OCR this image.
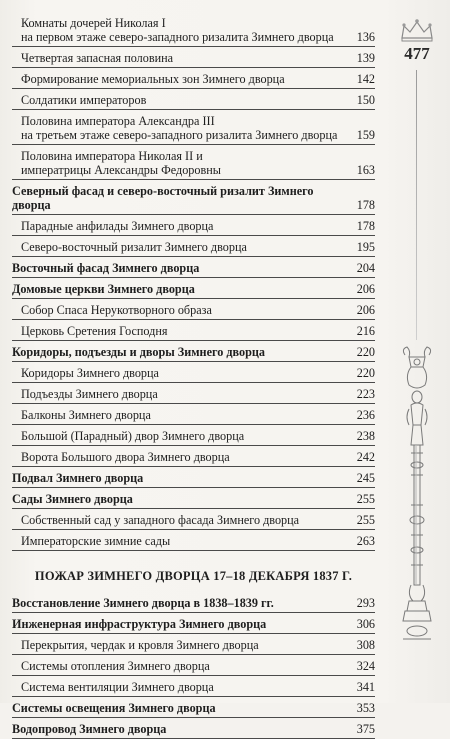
Комнаты дочерей Николая I
на первом этаже северо-западного ризалита Зимнего дворца	136
Четвертая запасная половина	139
Формирование мемориальных зон Зимнего дворца	142
Солдатики императоров	150
Половина императора Александра III
на третьем этаже северо-западного ризалита Зимнего дворца	159
Половина императора Николая II и
императрицы Александры Федоровны	163
Северный фасад и северо-восточный ризалит Зимнего дворца	178
Парадные анфилады Зимнего дворца	178
Северо-восточный ризалит Зимнего дворца	195
Восточный фасад Зимнего дворца	204
Домовые церкви Зимнего дворца	206
Собор Спаса Нерукотворного образа	206
Церковь Сретения Господня	216
Коридоры, подъезды и дворы Зимнего дворца	220
Коридоры Зимнего дворца	220
Подъезды Зимнего дворца	223
Балконы Зимнего дворца	236
Большой (Парадный) двор Зимнего дворца	238
Ворота Большого двора Зимнего дворца	242
Подвал Зимнего дворца	245
Сады Зимнего дворца	255
Собственный сад у западного фасада Зимнего дворца	255
Императорские зимние сады	263
ПОЖАР ЗИМНЕГО ДВОРЦА 17–18 ДЕКАБРЯ 1837 Г.
Восстановление Зимнего дворца в 1838–1839 гг.	293
Инженерная инфраструктура Зимнего дворца	306
Перекрытия, чердак и кровля Зимнего дворца	308
Системы отопления Зимнего дворца	324
Система вентиляции Зимнего дворца	341
Системы освещения Зимнего дворца	353
Водопровод Зимнего дворца	375
477
